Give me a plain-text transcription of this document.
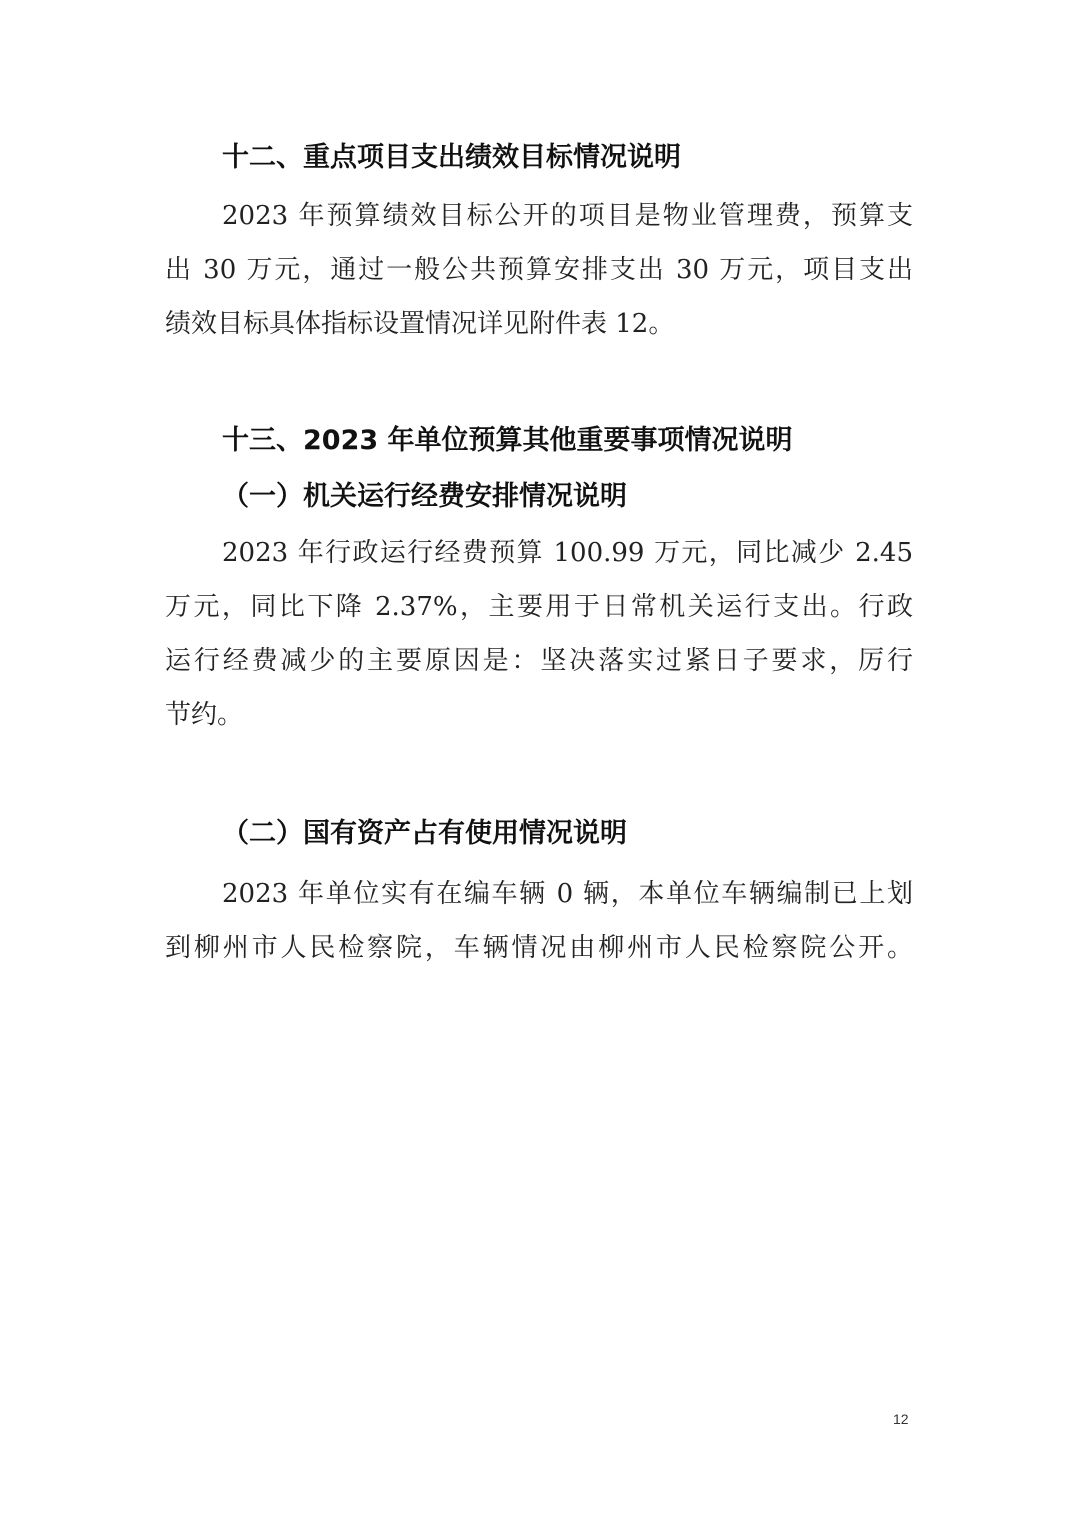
十二、重点项目支出绩效目标情况说明
2023 年预算绩效目标公开的项目是物业管理费，预算支
出 30 万元，通过一般公共预算安排支出 30 万元，项目支出
绩效目标具体指标设置情况详见附件表 12。
十三、2023 年单位预算其他重要事项情况说明
（一）机关运行经费安排情况说明
2023 年行政运行经费预算 100.99 万元，同比减少 2.45
万元，同比下降 2.37%，主要用于日常机关运行支出。行政
运行经费减少的主要原因是：坚决落实过紧日子要求，厉行
节约。
（二）国有资产占有使用情况说明
2023 年单位实有在编车辆 0 辆，本单位车辆编制已上划
到柳州市人民检察院，车辆情况由柳州市人民检察院公开。
12
